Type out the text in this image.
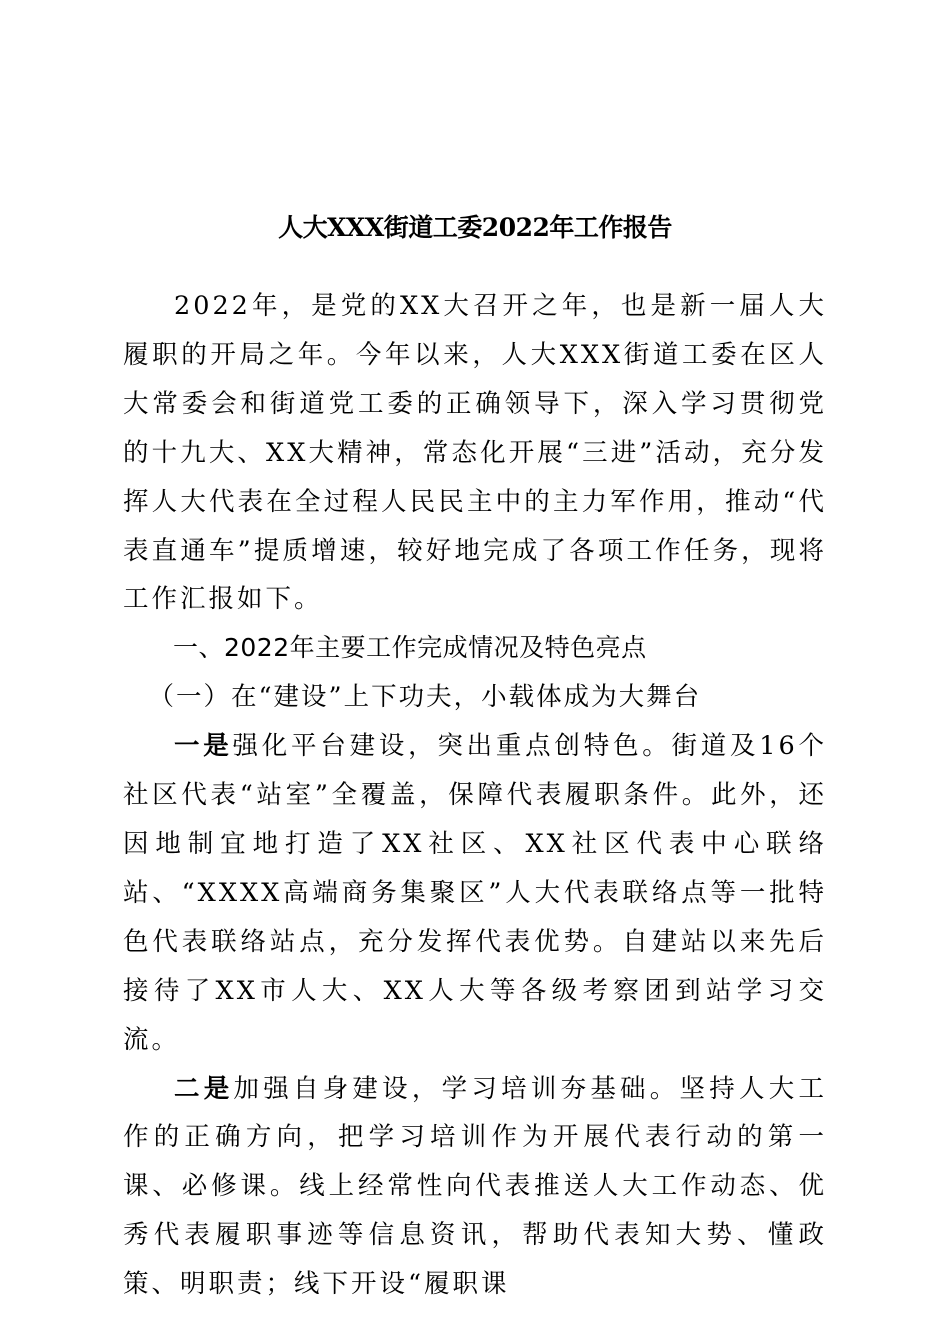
人大XXX街道工委2022年工作报告

2022年，是党的XX大召开之年，也是新一届人大履职的开局之年。今年以来，人大XXX街道工委在区人大常委会和街道党工委的正确领导下，深入学习贯彻党的十九大、XX大精神，常态化开展“三进”活动，充分发挥人大代表在全过程人民民主中的主力军作用，推动“代表直通车”提质增速，较好地完成了各项工作任务，现将工作汇报如下。

一、2022年主要工作完成情况及特色亮点

（一）在“建设”上下功夫，小载体成为大舞台

一是强化平台建设，突出重点创特色。街道及16个社区代表“站室”全覆盖，保障代表履职条件。此外，还因地制宜地打造了XX社区、XX社区代表中心联络站、“XXXX高端商务集聚区”人大代表联络点等一批特色代表联络站点，充分发挥代表优势。自建站以来先后接待了XX市人大、XX人大等各级考察团到站学习交流。

二是加强自身建设，学习培训夯基础。坚持人大工作的正确方向，把学习培训作为开展代表行动的第一课、必修课。线上经常性向代表推送人大工作动态、优秀代表履职事迹等信息资讯，帮助代表知大势、懂政策、明职责；线下开设“履职课
